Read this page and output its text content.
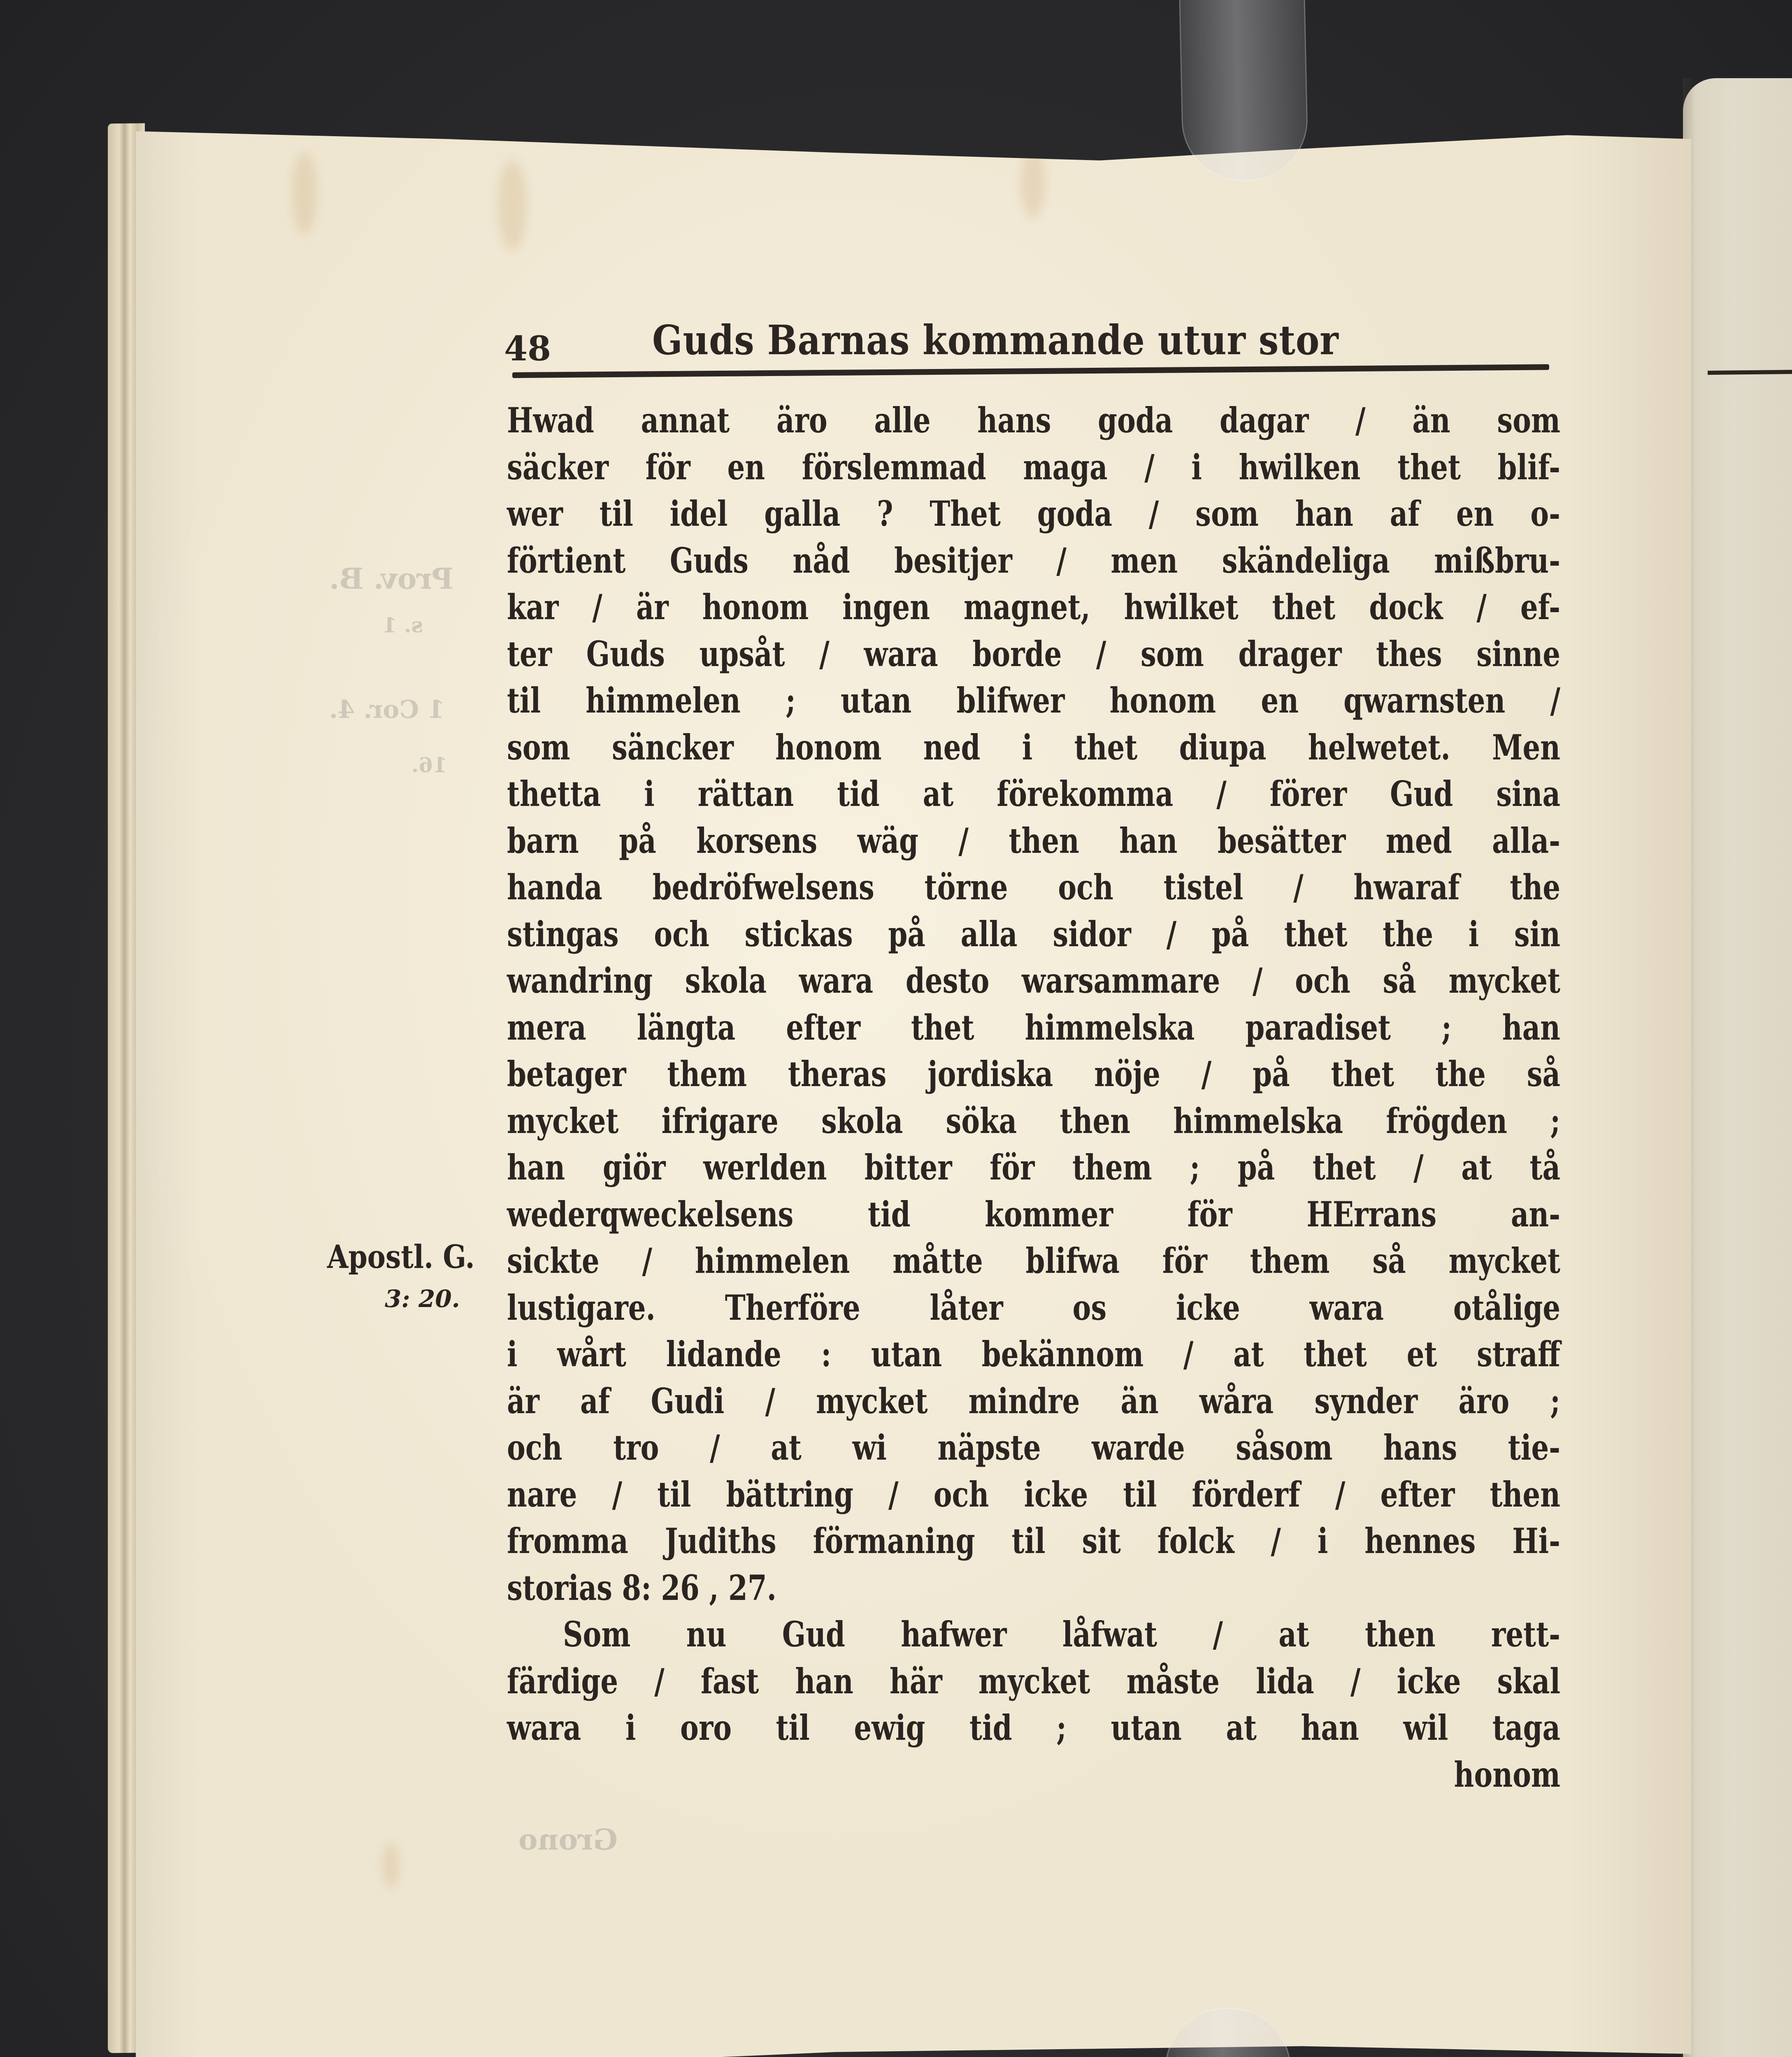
Prov. B.
s. 1
1 Cor. 4.
16.
Grono
48	Guds Barnas kommande utur stor
Apostl. G.
3: 20.
Hwad annat äro alle hans goda dagar / än som
säcker för en förslemmad maga / i hwilken thet blif-
wer til idel galla ? Thet goda / som han af en o-
förtient Guds nåd besitjer / men skändeliga mißbru-
kar / är honom ingen magnet, hwilket thet dock / ef-
ter Guds upsåt / wara borde / som drager thes sinne
til himmelen ; utan blifwer honom en qwarnsten /
som säncker honom ned i thet diupa helwetet. Men
thetta i rättan tid at förekomma / förer Gud sina
barn på korsens wäg / then han besätter med alla-
handa bedröfwelsens törne och tistel / hwaraf the
stingas och stickas på alla sidor / på thet the i sin
wandring skola wara desto warsammare / och så mycket
mera längta efter thet himmelska paradiset ; han
betager them theras jordiska nöje / på thet the så
mycket ifrigare skola söka then himmelska frögden ;
han giör werlden bitter för them ; på thet / at tå
wederqweckelsens tid kommer för HErrans an-
sickte / himmelen måtte blifwa för them så mycket
lustigare. Therföre låter os icke wara otålige
i wårt lidande : utan bekännom / at thet et straff
är af Gudi / mycket mindre än wåra synder äro ;
och tro / at wi näpste warde såsom hans tie-
nare / til bättring / och icke til förderf / efter then
fromma Judiths förmaning til sit folck / i hennes Hi-
storias 8: 26 , 27.
Som nu Gud hafwer låfwat / at then rett-
färdige / fast han här mycket måste lida / icke skal
wara i oro til ewig tid ; utan at han wil taga
honom
